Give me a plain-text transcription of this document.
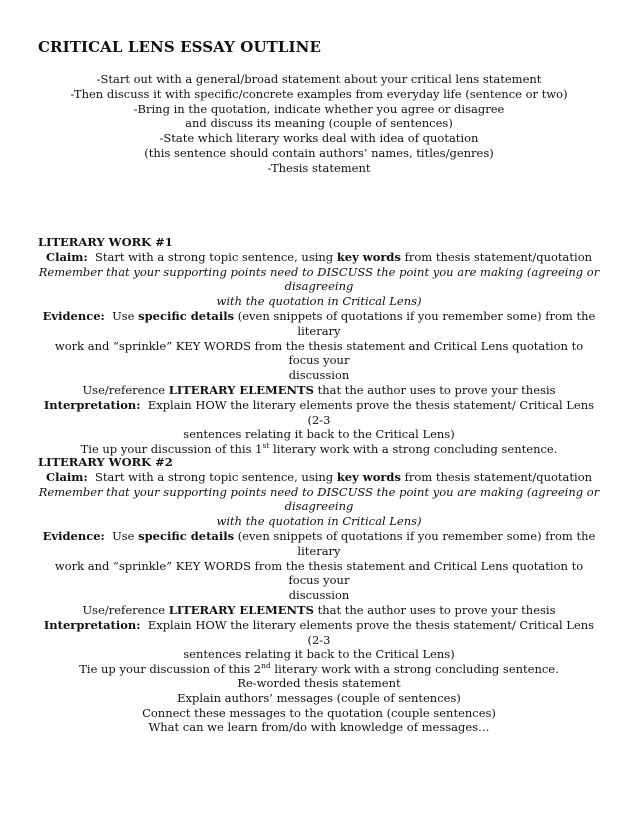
CRITICAL LENS ESSAY OUTLINE
-Start out with a general/broad statement about your critical lens statement
-Then discuss it with specific/concrete examples from everyday life (sentence or two)
-Bring in the quotation, indicate whether you agree or disagree
and discuss its meaning (couple of sentences)
-State which literary works deal with idea of quotation
(this sentence should contain authors’ names, titles/genres)
-Thesis statement
LITERARY WORK #1
Claim: Start with a strong topic sentence, using key words from thesis statement/quotation
Remember that your supporting points need to DISCUSS the point you are making (agreeing or disagreeing
with the quotation in Critical Lens)
Evidence: Use specific details (even snippets of quotations if you remember some) from the literary
work and “sprinkle” KEY WORDS from the thesis statement and Critical Lens quotation to focus your
discussion
Use/reference LITERARY ELEMENTS that the author uses to prove your thesis
Interpretation: Explain HOW the literary elements prove the thesis statement/ Critical Lens (2-3
sentences relating it back to the Critical Lens)
Tie up your discussion of this 1st literary work with a strong concluding sentence.
LITERARY WORK #2
Claim: Start with a strong topic sentence, using key words from thesis statement/quotation
Remember that your supporting points need to DISCUSS the point you are making (agreeing or disagreeing
with the quotation in Critical Lens)
Evidence: Use specific details (even snippets of quotations if you remember some) from the literary
work and “sprinkle” KEY WORDS from the thesis statement and Critical Lens quotation to focus your
discussion
Use/reference LITERARY ELEMENTS that the author uses to prove your thesis
Interpretation: Explain HOW the literary elements prove the thesis statement/ Critical Lens (2-3
sentences relating it back to the Critical Lens)
Tie up your discussion of this 2nd literary work with a strong concluding sentence.
Re-worded thesis statement
Explain authors’ messages (couple of sentences)
Connect these messages to the quotation (couple sentences)
What can we learn from/do with knowledge of messages…
